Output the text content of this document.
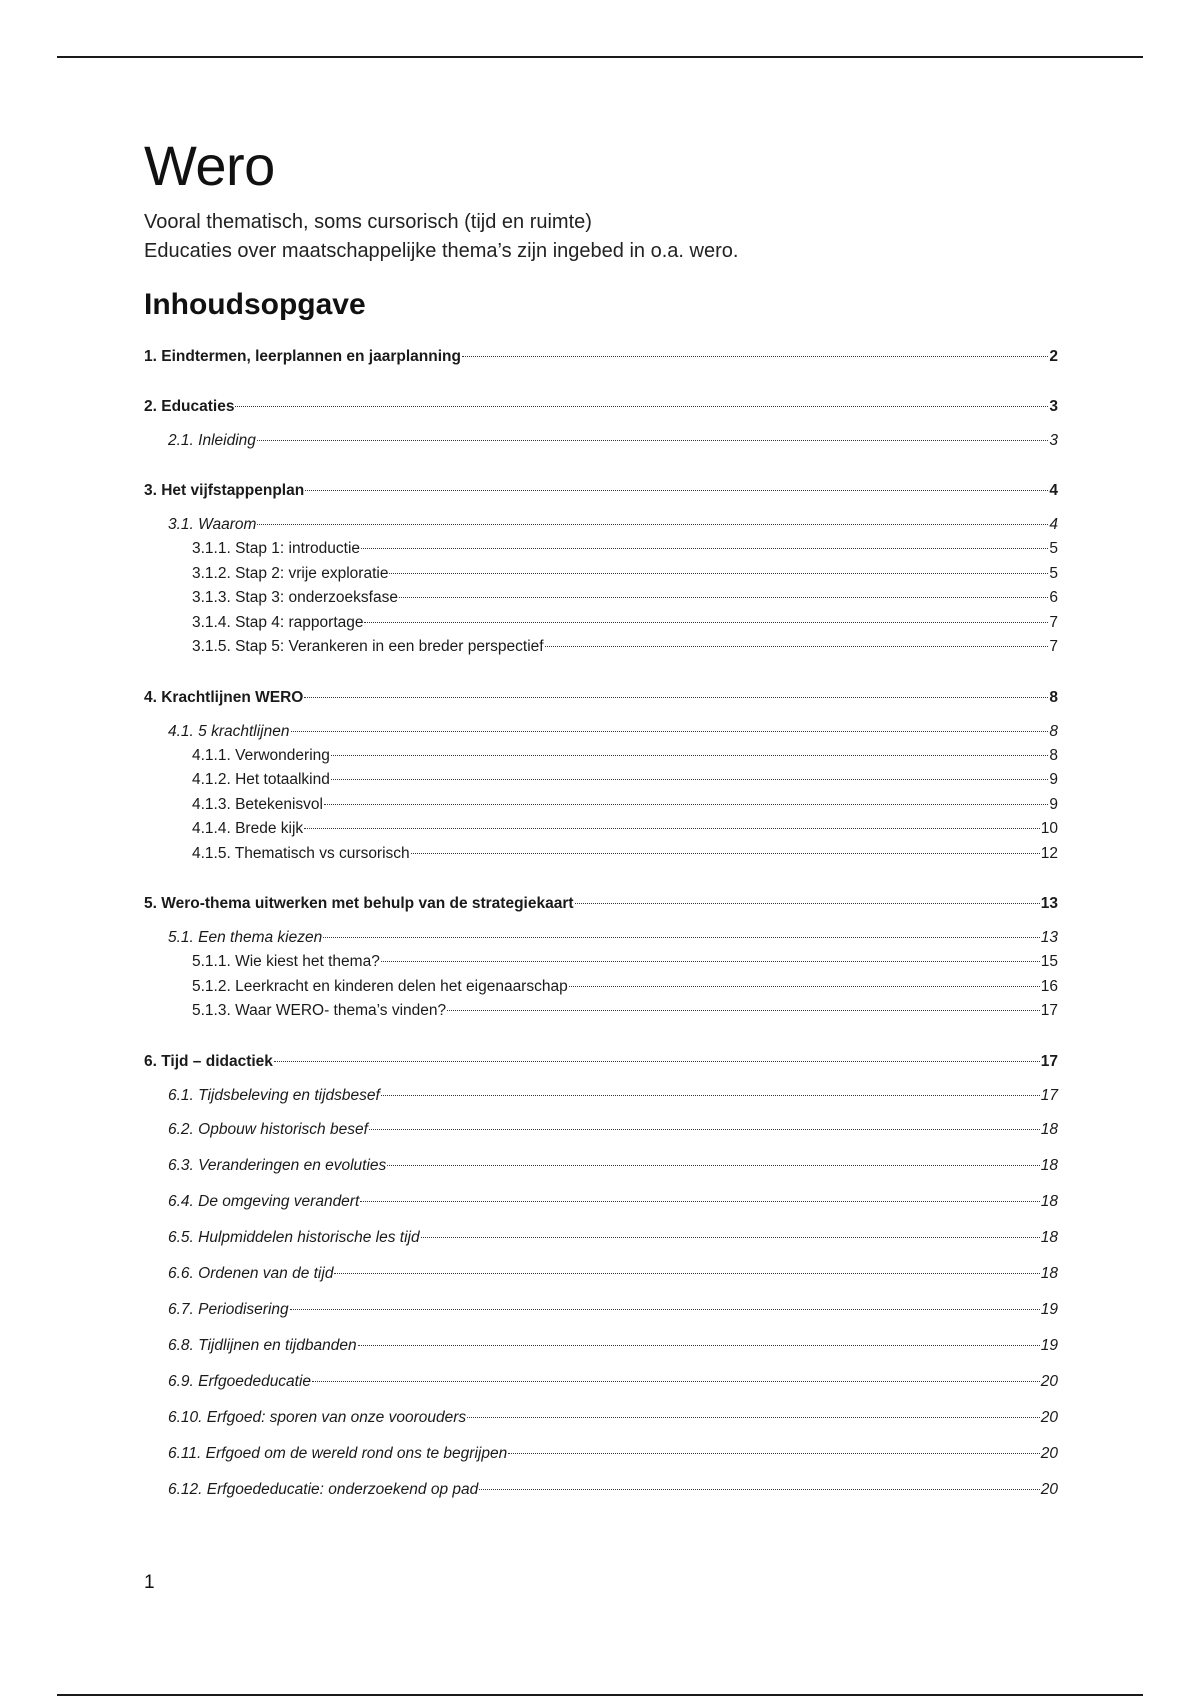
Wero
Vooral thematisch, soms cursorisch (tijd en ruimte)
Educaties over maatschappelijke thema’s zijn ingebed in o.a. wero.
Inhoudsopgave
1. Eindtermen, leerplannen en jaarplanning	2
2. Educaties	3
2.1. Inleiding	3
3. Het vijfstappenplan	4
3.1. Waarom	4
3.1.1. Stap 1: introductie	5
3.1.2. Stap 2: vrije exploratie	5
3.1.3. Stap 3: onderzoeksfase	6
3.1.4. Stap 4: rapportage	7
3.1.5. Stap 5: Verankeren in een breder perspectief	7
4. Krachtlijnen WERO	8
4.1. 5 krachtlijnen	8
4.1.1. Verwondering	8
4.1.2. Het totaalkind	9
4.1.3. Betekenisvol	9
4.1.4. Brede kijk	10
4.1.5. Thematisch vs cursorisch	12
5. Wero-thema uitwerken met behulp van de strategiekaart	13
5.1. Een thema kiezen	13
5.1.1. Wie kiest het thema?	15
5.1.2. Leerkracht en kinderen delen het eigenaarschap	16
5.1.3. Waar WERO- thema’s vinden?	17
6. Tijd – didactiek	17
6.1. Tijdsbeleving en tijdsbesef	17
6.2. Opbouw historisch besef	18
6.3. Veranderingen en evoluties	18
6.4. De omgeving verandert	18
6.5. Hulpmiddelen historische les tijd	18
6.6. Ordenen van de tijd	18
6.7. Periodisering	19
6.8. Tijdlijnen en tijdbanden	19
6.9. Erfgoededucatie	20
6.10. Erfgoed: sporen van onze voorouders	20
6.11. Erfgoed om de wereld rond ons te begrijpen	20
6.12. Erfgoededucatie: onderzoekend op pad	20
1
